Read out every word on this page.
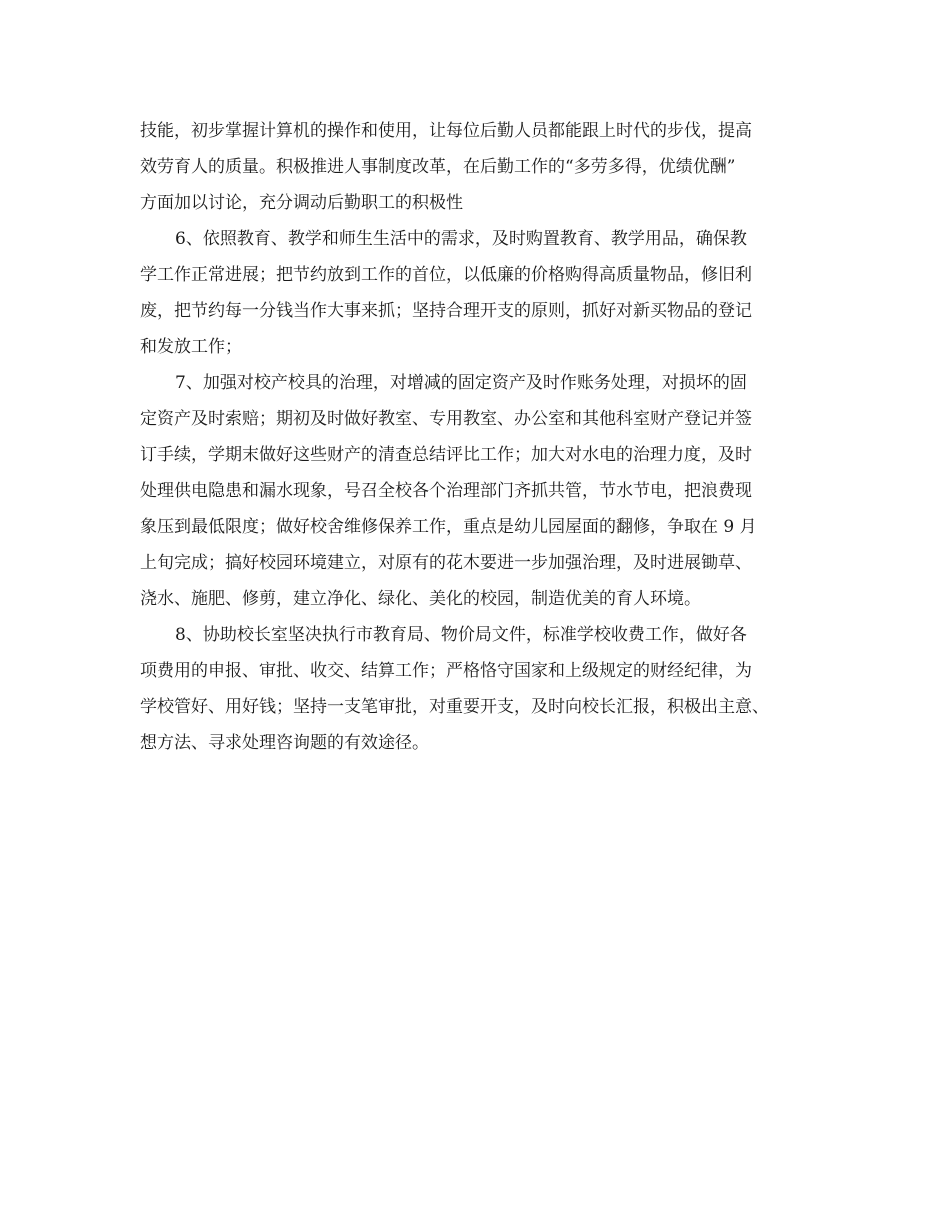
技能，初步掌握计算机的操作和使用，让每位后勤人员都能跟上时代的步伐，提高
效劳育人的质量。积极推进人事制度改革，在后勤工作的“多劳多得，优绩优酬”
方面加以讨论，充分调动后勤职工的积极性
6、依照教育、教学和师生生活中的需求，及时购置教育、教学用品，确保教
学工作正常进展；把节约放到工作的首位，以低廉的价格购得高质量物品，修旧利
废，把节约每一分钱当作大事来抓；坚持合理开支的原则，抓好对新买物品的登记
和发放工作；
7、加强对校产校具的治理，对增减的固定资产及时作账务处理，对损坏的固
定资产及时索赔；期初及时做好教室、专用教室、办公室和其他科室财产登记并签
订手续，学期末做好这些财产的清查总结评比工作；加大对水电的治理力度，及时
处理供电隐患和漏水现象，号召全校各个治理部门齐抓共管，节水节电，把浪费现
象压到最低限度；做好校舍维修保养工作，重点是幼儿园屋面的翻修，争取在 9 月
上旬完成；搞好校园环境建立，对原有的花木要进一步加强治理，及时进展锄草、
浇水、施肥、修剪，建立净化、绿化、美化的校园，制造优美的育人环境。
8、协助校长室坚决执行市教育局、物价局文件，标准学校收费工作，做好各
项费用的申报、审批、收交、结算工作；严格恪守国家和上级规定的财经纪律，为
学校管好、用好钱；坚持一支笔审批，对重要开支，及时向校长汇报，积极出主意、
想方法、寻求处理咨询题的有效途径。
